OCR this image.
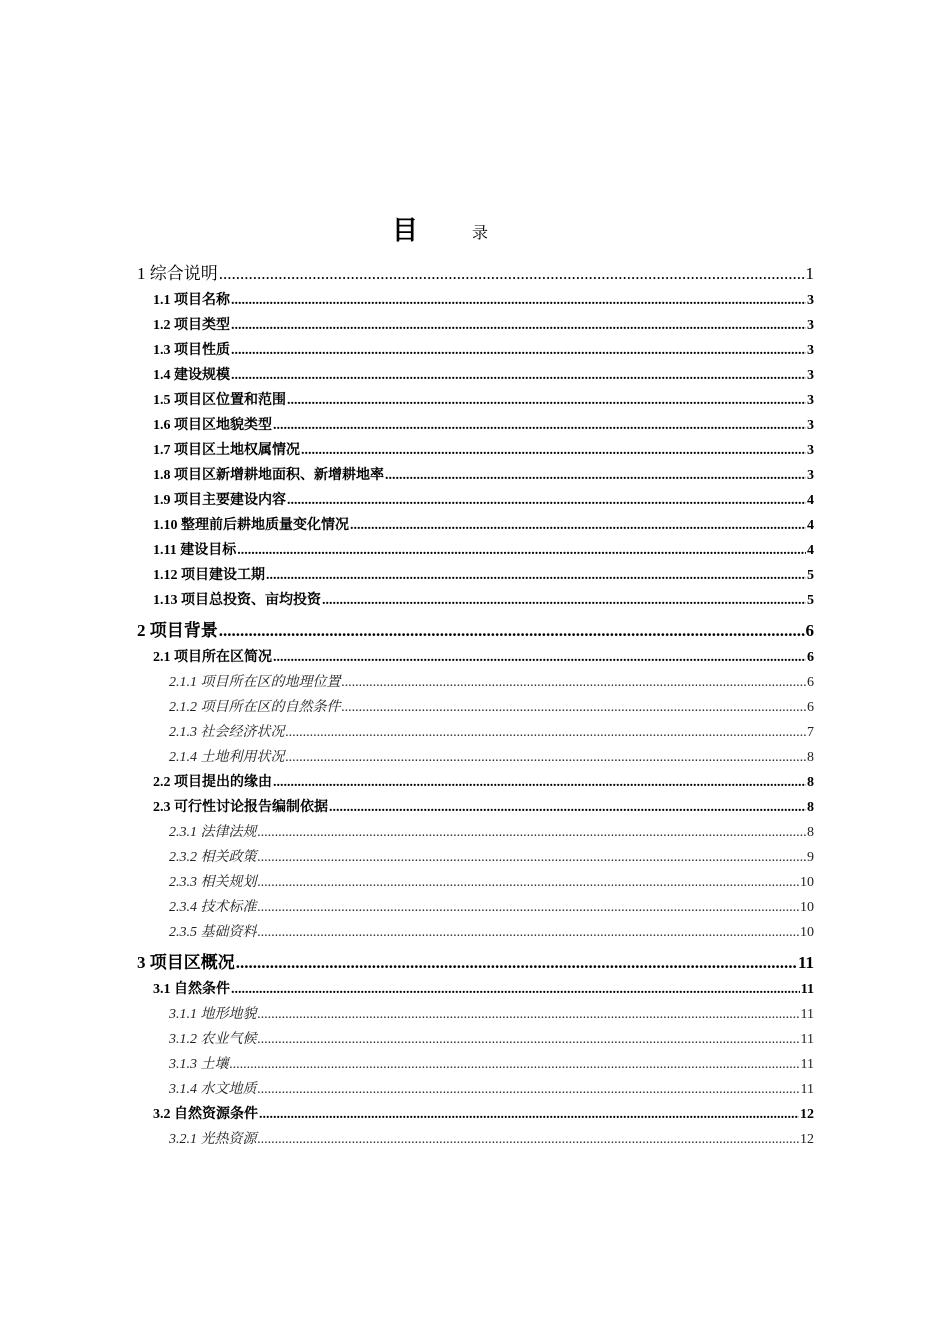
目	录
1 综合说明 .....	1
1.1 项目名称 .....	3
1.2 项目类型 .....	3
1.3 项目性质 .....	3
1.4 建设规模 .....	3
1.5 项目区位置和范围 .....	3
1.6 项目区地貌类型 .....	3
1.7 项目区土地权属情况 .....	3
1.8 项目区新增耕地面积、新增耕地率 .....	3
1.9 项目主要建设内容 .....	4
1.10 整理前后耕地质量变化情况 .....	4
1.11 建设目标 .....	4
1.12 项目建设工期 .....	5
1.13 项目总投资、亩均投资 .....	5
2 项目背景 .....	6
2.1 项目所在区简况 .....	6
2.1.1 项目所在区的地理位置 .....	6
2.1.2 项目所在区的自然条件 .....	6
2.1.3 社会经济状况 .....	7
2.1.4 土地利用状况 .....	8
2.2 项目提出的缘由 .....	8
2.3 可行性讨论报告编制依据 .....	8
2.3.1 法律法规 .....	8
2.3.2 相关政策 .....	9
2.3.3 相关规划 .....	10
2.3.4 技术标准 .....	10
2.3.5 基础资料 .....	10
3 项目区概况 .....	11
3.1 自然条件 .....	11
3.1.1 地形地貌 .....	11
3.1.2 农业气候 .....	11
3.1.3 土壤 .....	11
3.1.4 水文地质 .....	11
3.2 自然资源条件 .....	12
3.2.1 光热资源 .....	12
